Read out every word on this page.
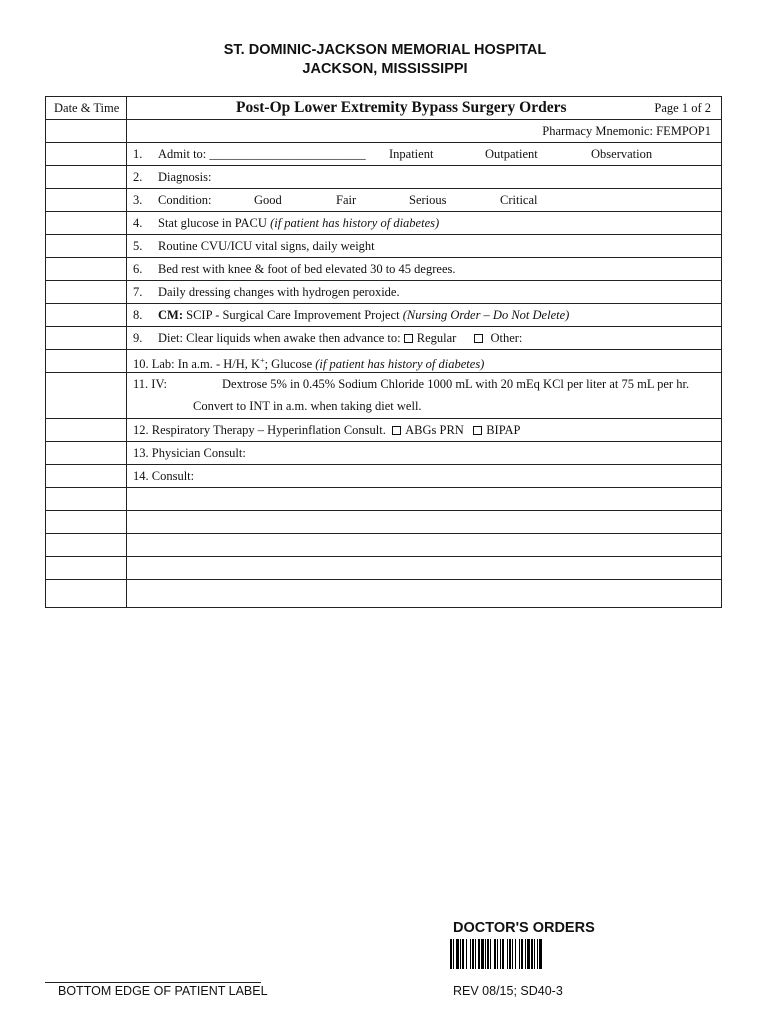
ST. DOMINIC-JACKSON MEMORIAL HOSPITAL
JACKSON, MISSISSIPPI
Date & Time	Post-Op Lower Extremity Bypass Surgery Orders	Page 1 of 2
Pharmacy Mnemonic: FEMPOP1
1. Admit to: _________________________ Inpatient	Outpatient	Observation
2. Diagnosis:
3. Condition:	Good	Fair	Serious	Critical
4. Stat glucose in PACU (if patient has history of diabetes)
5. Routine CVU/ICU vital signs, daily weight
6. Bed rest with knee & foot of bed elevated 30 to 45 degrees.
7. Daily dressing changes with hydrogen peroxide.
8. CM: SCIP - Surgical Care Improvement Project (Nursing Order – Do Not Delete)
9. Diet: Clear liquids when awake then advance to: Regular	Other:
10. Lab: In a.m. - H/H, K+; Glucose (if patient has history of diabetes)
11. IV:	Dextrose 5% in 0.45% Sodium Chloride 1000 mL with 20 mEq KCl per liter at 75 mL per hr.
Convert to INT in a.m. when taking diet well.
12. Respiratory Therapy – Hyperinflation Consult. ABGs PRN BIPAP
13. Physician Consult:
14. Consult:
DOCTOR'S ORDERS
BOTTOM EDGE OF PATIENT LABEL	REV 08/15; SD40-3
